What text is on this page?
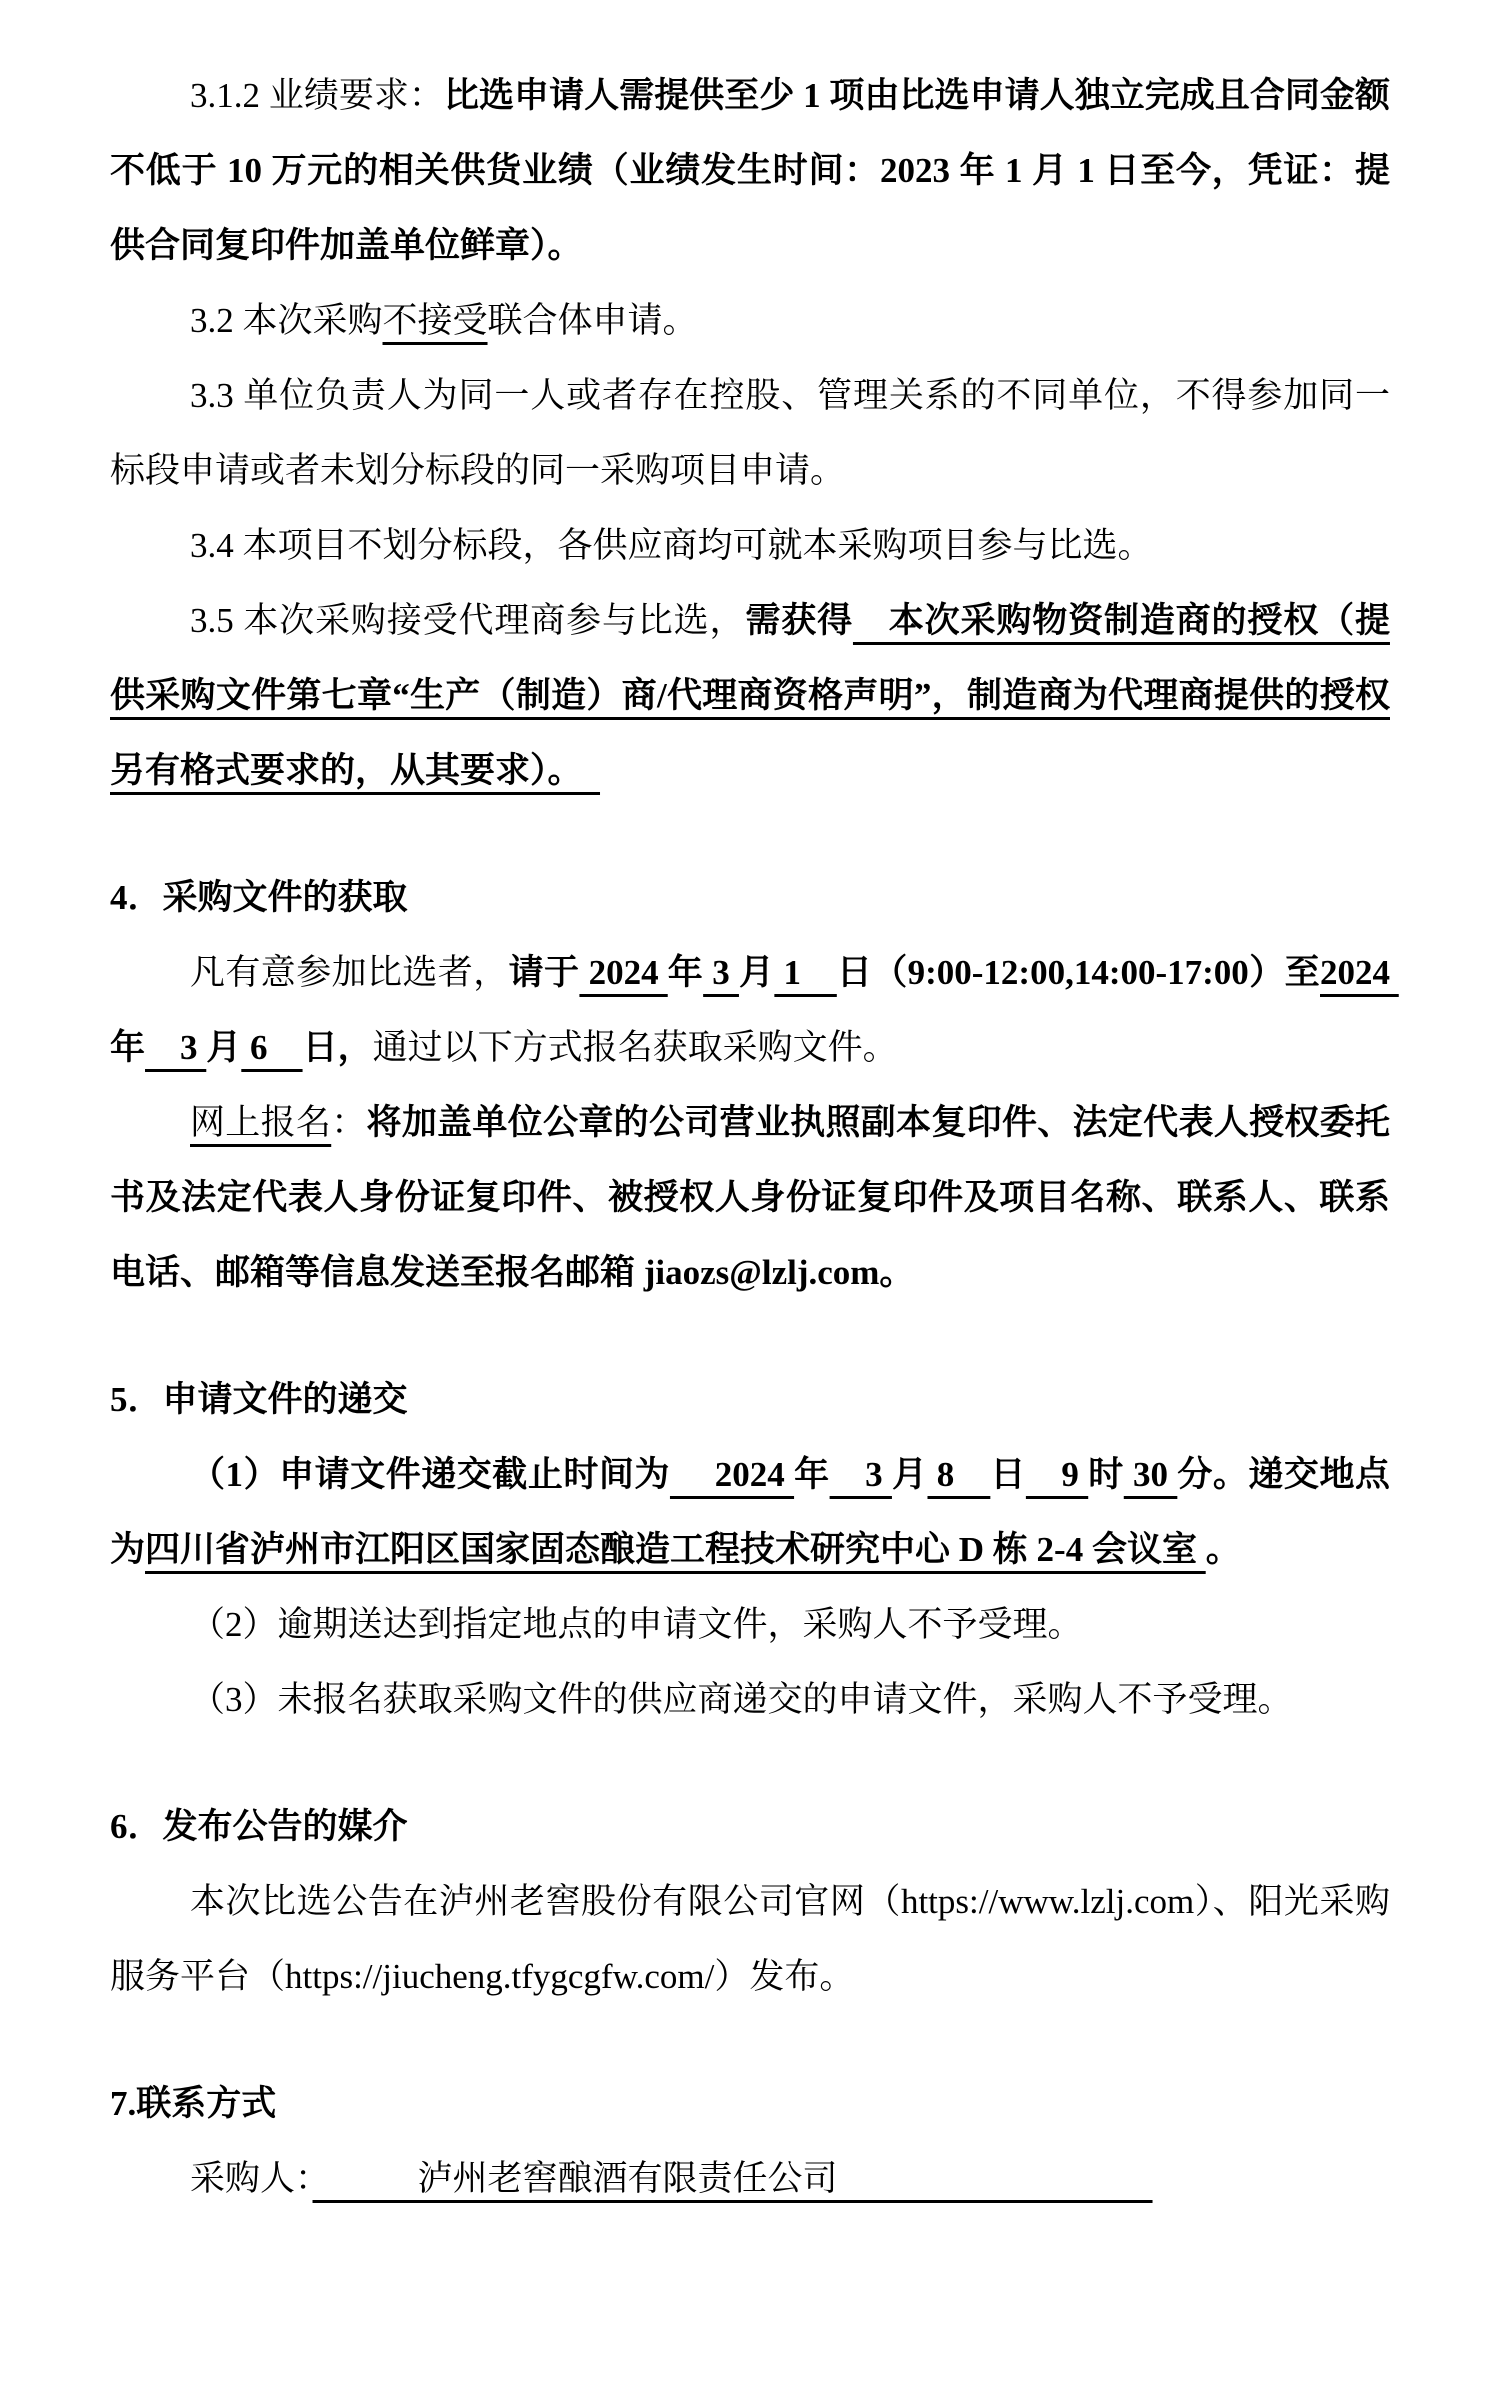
3.1.2 业绩要求：比选申请人需提供至少 1 项由比选申请人独立完成且合同金额不低于 10 万元的相关供货业绩（业绩发生时间：2023 年 1 月 1 日至今，凭证：提供合同复印件加盖单位鲜章）。

3.2 本次采购不接受联合体申请。

3.3 单位负责人为同一人或者存在控股、管理关系的不同单位，不得参加同一标段申请或者未划分标段的同一采购项目申请。

3.4 本项目不划分标段，各供应商均可就本采购项目参与比选。

3.5 本次采购接受代理商参与比选，需获得　本次采购物资制造商的授权（提供采购文件第七章“生产（制造）商/代理商资格声明”，制造商为代理商提供的授权另有格式要求的，从其要求）。　

4．采购文件的获取

凡有意参加比选者，请于 2024 年 3 月 1　日（9:00-12:00,14:00-17:00）至2024 年　3 月 6　日，通过以下方式报名获取采购文件。

网上报名：将加盖单位公章的公司营业执照副本复印件、法定代表人授权委托书及法定代表人身份证复印件、被授权人身份证复印件及项目名称、联系人、联系电话、邮箱等信息发送至报名邮箱 jiaozs@lzlj.com。

5．申请文件的递交

（1）申请文件递交截止时间为　 2024 年　3 月 8　日　9 时 30 分。递交地点为四川省泸州市江阳区国家固态酿造工程技术研究中心 D 栋 2-4 会议室 。

（2）逾期送达到指定地点的申请文件，采购人不予受理。

（3）未报名获取采购文件的供应商递交的申请文件，采购人不予受理。

6．发布公告的媒介

本次比选公告在泸州老窖股份有限公司官网（https://www.lzlj.com）、阳光采购服务平台（https://jiucheng.tfygcgfw.com/）发布。

7.联系方式

采购人：　　　泸州老窖酿酒有限责任公司　　　　　　　　　
